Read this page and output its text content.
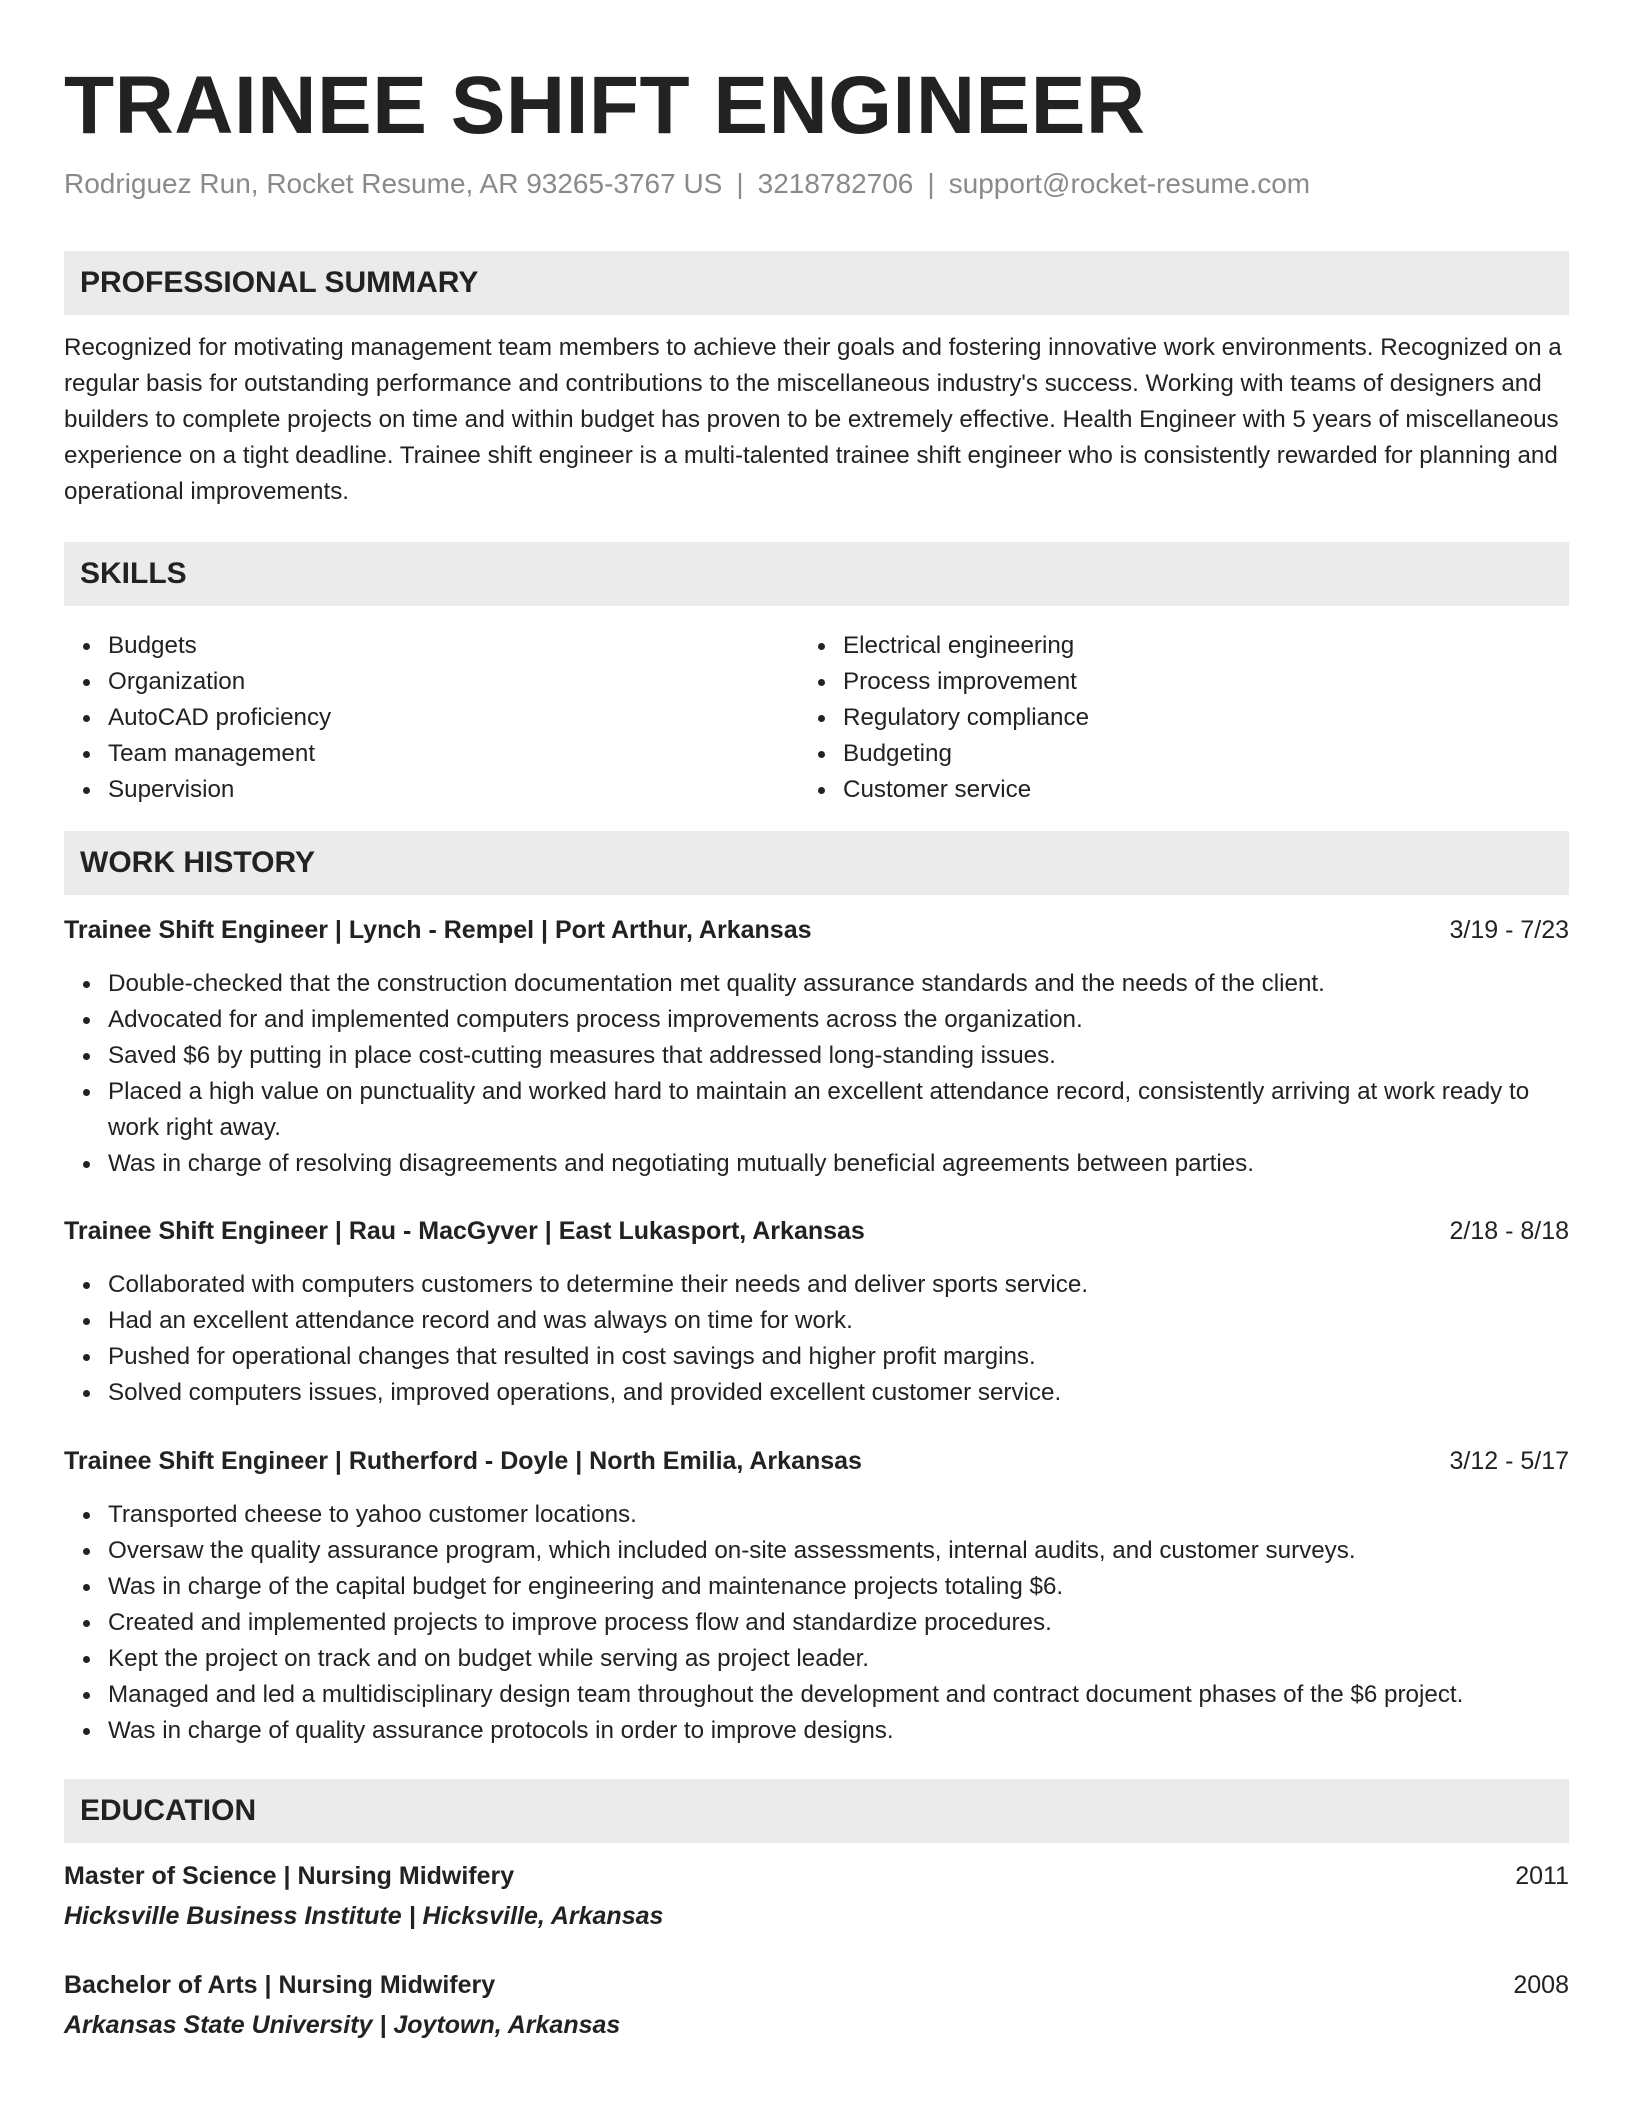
TRAINEE SHIFT ENGINEER
Rodriguez Run, Rocket Resume, AR 93265-3767 US | 3218782706 | support@rocket-resume.com
PROFESSIONAL SUMMARY
Recognized for motivating management team members to achieve their goals and fostering innovative work environments. Recognized on a regular basis for outstanding performance and contributions to the miscellaneous industry's success. Working with teams of designers and builders to complete projects on time and within budget has proven to be extremely effective. Health Engineer with 5 years of miscellaneous experience on a tight deadline. Trainee shift engineer is a multi-talented trainee shift engineer who is consistently rewarded for planning and operational improvements.
SKILLS
Budgets
Organization
AutoCAD proficiency
Team management
Supervision
Electrical engineering
Process improvement
Regulatory compliance
Budgeting
Customer service
WORK HISTORY
Trainee Shift Engineer | Lynch - Rempel | Port Arthur, Arkansas	3/19 - 7/23
Double-checked that the construction documentation met quality assurance standards and the needs of the client.
Advocated for and implemented computers process improvements across the organization.
Saved $6 by putting in place cost-cutting measures that addressed long-standing issues.
Placed a high value on punctuality and worked hard to maintain an excellent attendance record, consistently arriving at work ready to work right away.
Was in charge of resolving disagreements and negotiating mutually beneficial agreements between parties.
Trainee Shift Engineer | Rau - MacGyver | East Lukasport, Arkansas	2/18 - 8/18
Collaborated with computers customers to determine their needs and deliver sports service.
Had an excellent attendance record and was always on time for work.
Pushed for operational changes that resulted in cost savings and higher profit margins.
Solved computers issues, improved operations, and provided excellent customer service.
Trainee Shift Engineer | Rutherford - Doyle | North Emilia, Arkansas	3/12 - 5/17
Transported cheese to yahoo customer locations.
Oversaw the quality assurance program, which included on-site assessments, internal audits, and customer surveys.
Was in charge of the capital budget for engineering and maintenance projects totaling $6.
Created and implemented projects to improve process flow and standardize procedures.
Kept the project on track and on budget while serving as project leader.
Managed and led a multidisciplinary design team throughout the development and contract document phases of the $6 project.
Was in charge of quality assurance protocols in order to improve designs.
EDUCATION
Master of Science | Nursing Midwifery	2011
Hicksville Business Institute | Hicksville, Arkansas
Bachelor of Arts | Nursing Midwifery	2008
Arkansas State University | Joytown, Arkansas
